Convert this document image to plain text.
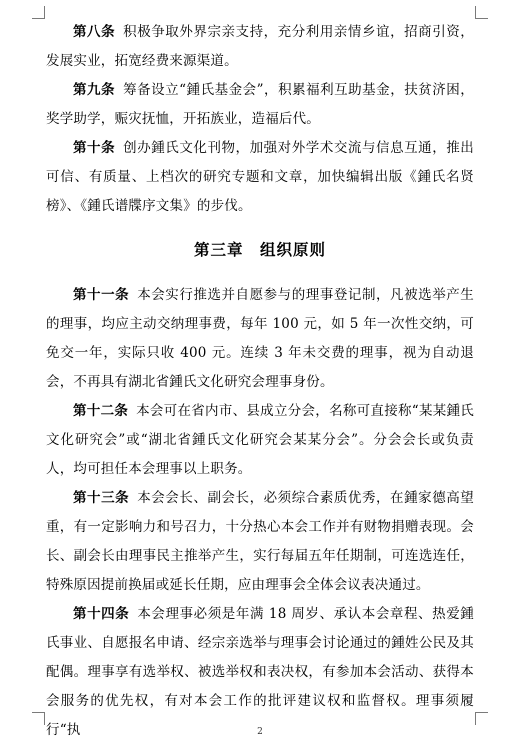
第八条 积极争取外界宗亲支持，充分利用亲情乡谊，招商引资，发展实业，拓宽经费来源渠道。

第九条 筹备设立“鍾氏基金会”，积累福利互助基金，扶贫济困，奖学助学，赈灾抚恤，开拓族业，造福后代。

第十条 创办鍾氏文化刊物，加强对外学术交流与信息互通，推出可信、有质量、上档次的研究专题和文章，加快编辑出版《鍾氏名贤榜》、《鍾氏谱牒序文集》的步伐。

第三章　组织原则

第十一条 本会实行推选并自愿参与的理事登记制，凡被选举产生的理事，均应主动交纳理事费，每年 100 元，如 5 年一次性交纳，可免交一年，实际只收 400 元。连续 3 年未交费的理事，视为自动退会，不再具有湖北省鍾氏文化研究会理事身份。

第十二条 本会可在省内市、县成立分会，名称可直接称“某某鍾氏文化研究会”或“湖北省鍾氏文化研究会某某分会”。分会会长或负责人，均可担任本会理事以上职务。

第十三条 本会会长、副会长，必须综合素质优秀，在鍾家德高望重，有一定影响力和号召力，十分热心本会工作并有财物捐赠表现。会长、副会长由理事民主推举产生，实行每届五年任期制，可连选连任，特殊原因提前换届或延长任期，应由理事会全体会议表决通过。

第十四条 本会理事必须是年满 18 周岁、承认本会章程、热爱鍾氏事业、自愿报名申请、经宗亲选举与理事会讨论通过的鍾姓公民及其配偶。理事享有选举权、被选举权和表决权，有参加本会活动、获得本会服务的优先权，有对本会工作的批评建议权和监督权。理事须履行“执	2
